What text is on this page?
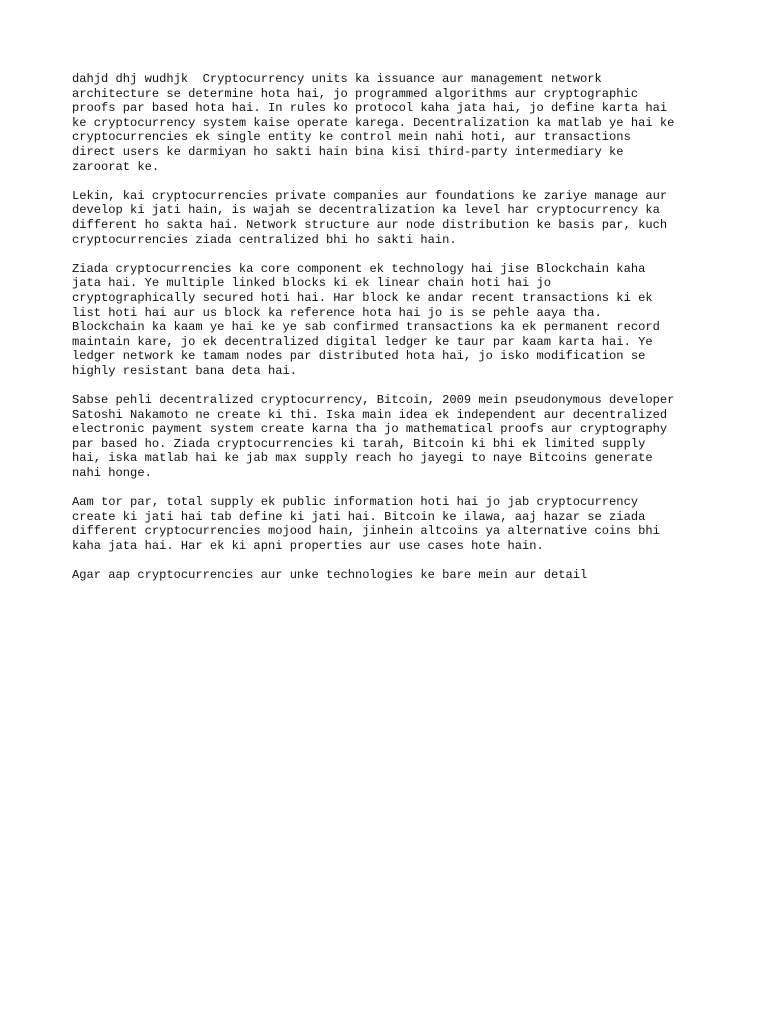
dahjd dhj wudhjk  Cryptocurrency units ka issuance aur management network
architecture se determine hota hai, jo programmed algorithms aur cryptographic
proofs par based hota hai. In rules ko protocol kaha jata hai, jo define karta hai
ke cryptocurrency system kaise operate karega. Decentralization ka matlab ye hai ke
cryptocurrencies ek single entity ke control mein nahi hoti, aur transactions
direct users ke darmiyan ho sakti hain bina kisi third-party intermediary ke
zaroorat ke.

Lekin, kai cryptocurrencies private companies aur foundations ke zariye manage aur
develop ki jati hain, is wajah se decentralization ka level har cryptocurrency ka
different ho sakta hai. Network structure aur node distribution ke basis par, kuch
cryptocurrencies ziada centralized bhi ho sakti hain.

Ziada cryptocurrencies ka core component ek technology hai jise Blockchain kaha
jata hai. Ye multiple linked blocks ki ek linear chain hoti hai jo
cryptographically secured hoti hai. Har block ke andar recent transactions ki ek
list hoti hai aur us block ka reference hota hai jo is se pehle aaya tha.
Blockchain ka kaam ye hai ke ye sab confirmed transactions ka ek permanent record
maintain kare, jo ek decentralized digital ledger ke taur par kaam karta hai. Ye
ledger network ke tamam nodes par distributed hota hai, jo isko modification se
highly resistant bana deta hai.

Sabse pehli decentralized cryptocurrency, Bitcoin, 2009 mein pseudonymous developer
Satoshi Nakamoto ne create ki thi. Iska main idea ek independent aur decentralized
electronic payment system create karna tha jo mathematical proofs aur cryptography
par based ho. Ziada cryptocurrencies ki tarah, Bitcoin ki bhi ek limited supply
hai, iska matlab hai ke jab max supply reach ho jayegi to naye Bitcoins generate
nahi honge.

Aam tor par, total supply ek public information hoti hai jo jab cryptocurrency
create ki jati hai tab define ki jati hai. Bitcoin ke ilawa, aaj hazar se ziada
different cryptocurrencies mojood hain, jinhein altcoins ya alternative coins bhi
kaha jata hai. Har ek ki apni properties aur use cases hote hain.

Agar aap cryptocurrencies aur unke technologies ke bare mein aur detail
